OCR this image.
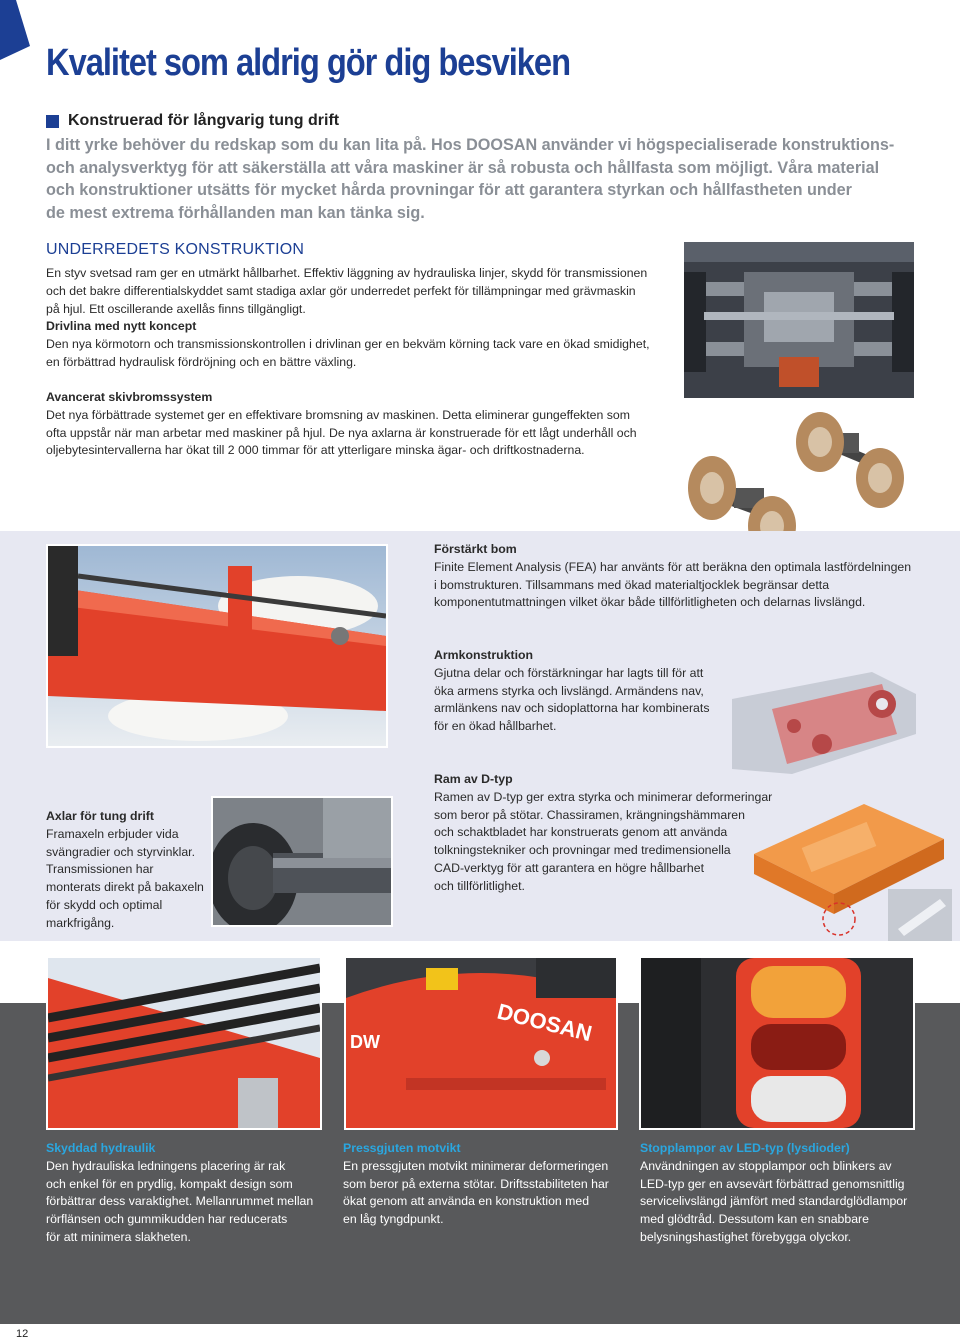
Kvalitet som aldrig gör dig besviken
Konstruerad för långvarig tung drift
I ditt yrke behöver du redskap som du kan lita på. Hos DOOSAN använder vi högspecialiserade konstruktions-
och analysverktyg för att säkerställa att våra maskiner är så robusta och hållfasta som möjligt. Våra material
och konstruktioner utsätts för mycket hårda provningar för att garantera styrkan och hållfastheten under
de mest extrema förhållanden man kan tänka sig.
UNDERREDETS KONSTRUKTION

En styv svetsad ram ger en utmärkt hållbarhet. Effektiv läggning av hydrauliska linjer, skydd för transmissionen

och det bakre differentialskyddet samt stadiga axlar gör underredet perfekt för tillämpningar med grävmaskin

på hjul. Ett oscillerande axellås finns tillgängligt.

Drivlina med nytt koncept

Den nya körmotorn och transmissionskontrollen i drivlinan ger en bekväm körning tack vare en ökad smidighet,

en förbättrad hydraulisk fördröjning och en bättre växling.

Avancerat skivbromssystem

Det nya förbättrade systemet ger en effektivare bromsning av maskinen. Detta eliminerar gungeffekten som

ofta uppstår när man arbetar med maskiner på hjul. De nya axlarna är konstruerade för ett lågt underhåll och

oljebytesintervallerna har ökat till 2 000 timmar för att ytterligare minska ägar- och driftkostnaderna.

Förstärkt bom

Finite Element Analysis (FEA) har använts för att beräkna den optimala lastfördelningen

i bomstrukturen. Tillsammans med ökad materialtjocklek begränsar detta

komponentutmattningen vilket ökar både tillförlitligheten och delarnas livslängd.

Armkonstruktion

Gjutna delar och förstärkningar har lagts till för att

öka armens styrka och livslängd. Armändens nav,

armlänkens nav och sidoplattorna har kombinerats

för en ökad hållbarhet.

Ram av D-typ

Ramen av D-typ ger extra styrka och minimerar deformeringar

som beror på stötar. Chassiramen, krängningshämmaren

och schaktbladet har konstruerats genom att använda

tolkningstekniker och provningar med tredimensionella

CAD-verktyg för att garantera en högre hållbarhet

och tillförlitlighet.

Axlar för tung drift

Framaxeln erbjuder vida

svängradier och styrvinklar.

Transmissionen har

monterats direkt på bakaxeln

för skydd och optimal

markfrigång.

DOOSAN
DW
Skyddad hydraulik

Den hydrauliska ledningens placering är rak

och enkel för en prydlig, kompakt design som

förbättrar dess varaktighet. Mellanrummet mellan

rörflänsen och gummikudden har reducerats

för att minimera slakheten.

Pressgjuten motvikt

En pressgjuten motvikt minimerar deformeringen

som beror på externa stötar. Driftsstabiliteten har

ökat genom att använda en konstruktion med

en låg tyngdpunkt.

Stopplampor av LED-typ (lysdioder)

Användningen av stopplampor och blinkers av

LED-typ ger en avsevärt förbättrad genomsnittlig

servicelivslängd jämfört med standardglödlampor

med glödtråd. Dessutom kan en snabbare

belysningshastighet förebygga olyckor.

12
